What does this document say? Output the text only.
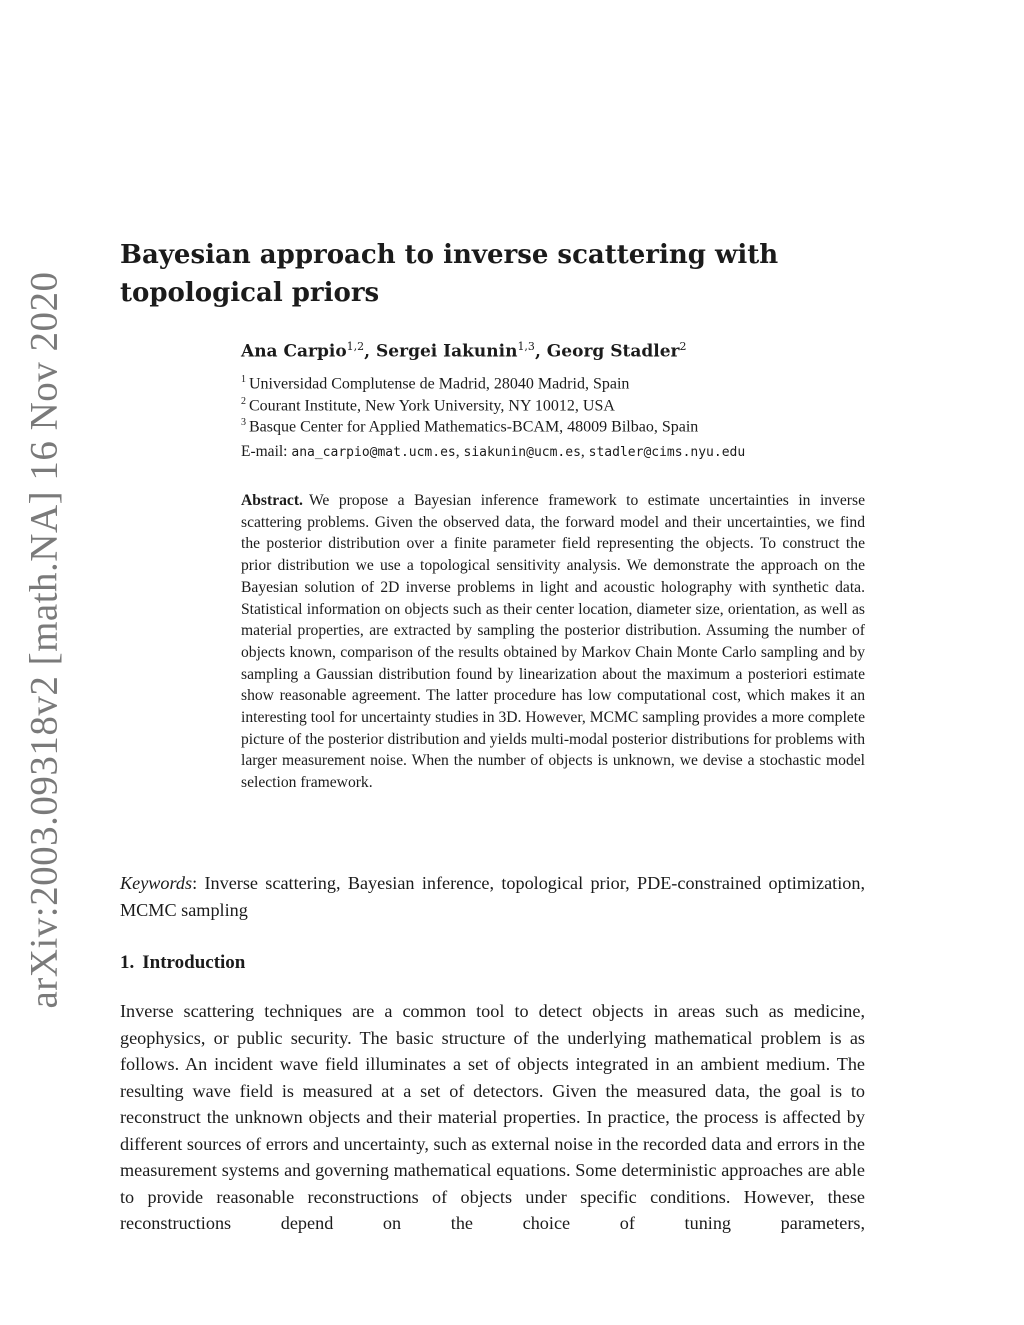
arXiv:2003.09318v2 [math.NA] 16 Nov 2020
Bayesian approach to inverse scattering with topological priors
Ana Carpio$^{1,2}$, Sergei Iakunin$^{1,3}$, Georg Stadler$^2$
$^1$ Universidad Complutense de Madrid, 28040 Madrid, Spain
$^2$ Courant Institute, New York University, NY 10012, USA
$^3$ Basque Center for Applied Mathematics-BCAM, 48009 Bilbao, Spain
E-mail: ana_carpio@mat.ucm.es, siakunin@ucm.es, stadler@cims.nyu.edu

Abstract. We propose a Bayesian inference framework to estimate uncertainties in inverse scattering problems. Given the observed data, the forward model and their uncertainties, we find the posterior distribution over a finite parameter field representing the objects. To construct the prior distribution we use a topological sensitivity analysis. We demonstrate the approach on the Bayesian solution of 2D inverse problems in light and acoustic holography with synthetic data. Statistical information on objects such as their center location, diameter size, orientation, as well as material properties, are extracted by sampling the posterior distribution. Assuming the number of objects known, comparison of the results obtained by Markov Chain Monte Carlo sampling and by sampling a Gaussian distribution found by linearization about the maximum a posteriori estimate show reasonable agreement. The latter procedure has low computational cost, which makes it an interesting tool for uncertainty studies in 3D. However, MCMC sampling provides a more complete picture of the posterior distribution and yields multi-modal posterior distributions for problems with larger measurement noise. When the number of objects is unknown, we devise a stochastic model selection framework.

Keywords: Inverse scattering, Bayesian inference, topological prior, PDE-constrained optimization, MCMC sampling

1. Introduction

Inverse scattering techniques are a common tool to detect objects in areas such as medicine, geophysics, or public security. The basic structure of the underlying mathematical problem is as follows. An incident wave field illuminates a set of objects integrated in an ambient medium. The resulting wave field is measured at a set of detectors. Given the measured data, the goal is to reconstruct the unknown objects and their material properties. In practice, the process is affected by different sources of errors and uncertainty, such as external noise in the recorded data and errors in the measurement systems and governing mathematical equations. Some deterministic approaches are able to provide reasonable reconstructions of objects under specific conditions. However, these reconstructions depend on the choice of tuning parameters,
